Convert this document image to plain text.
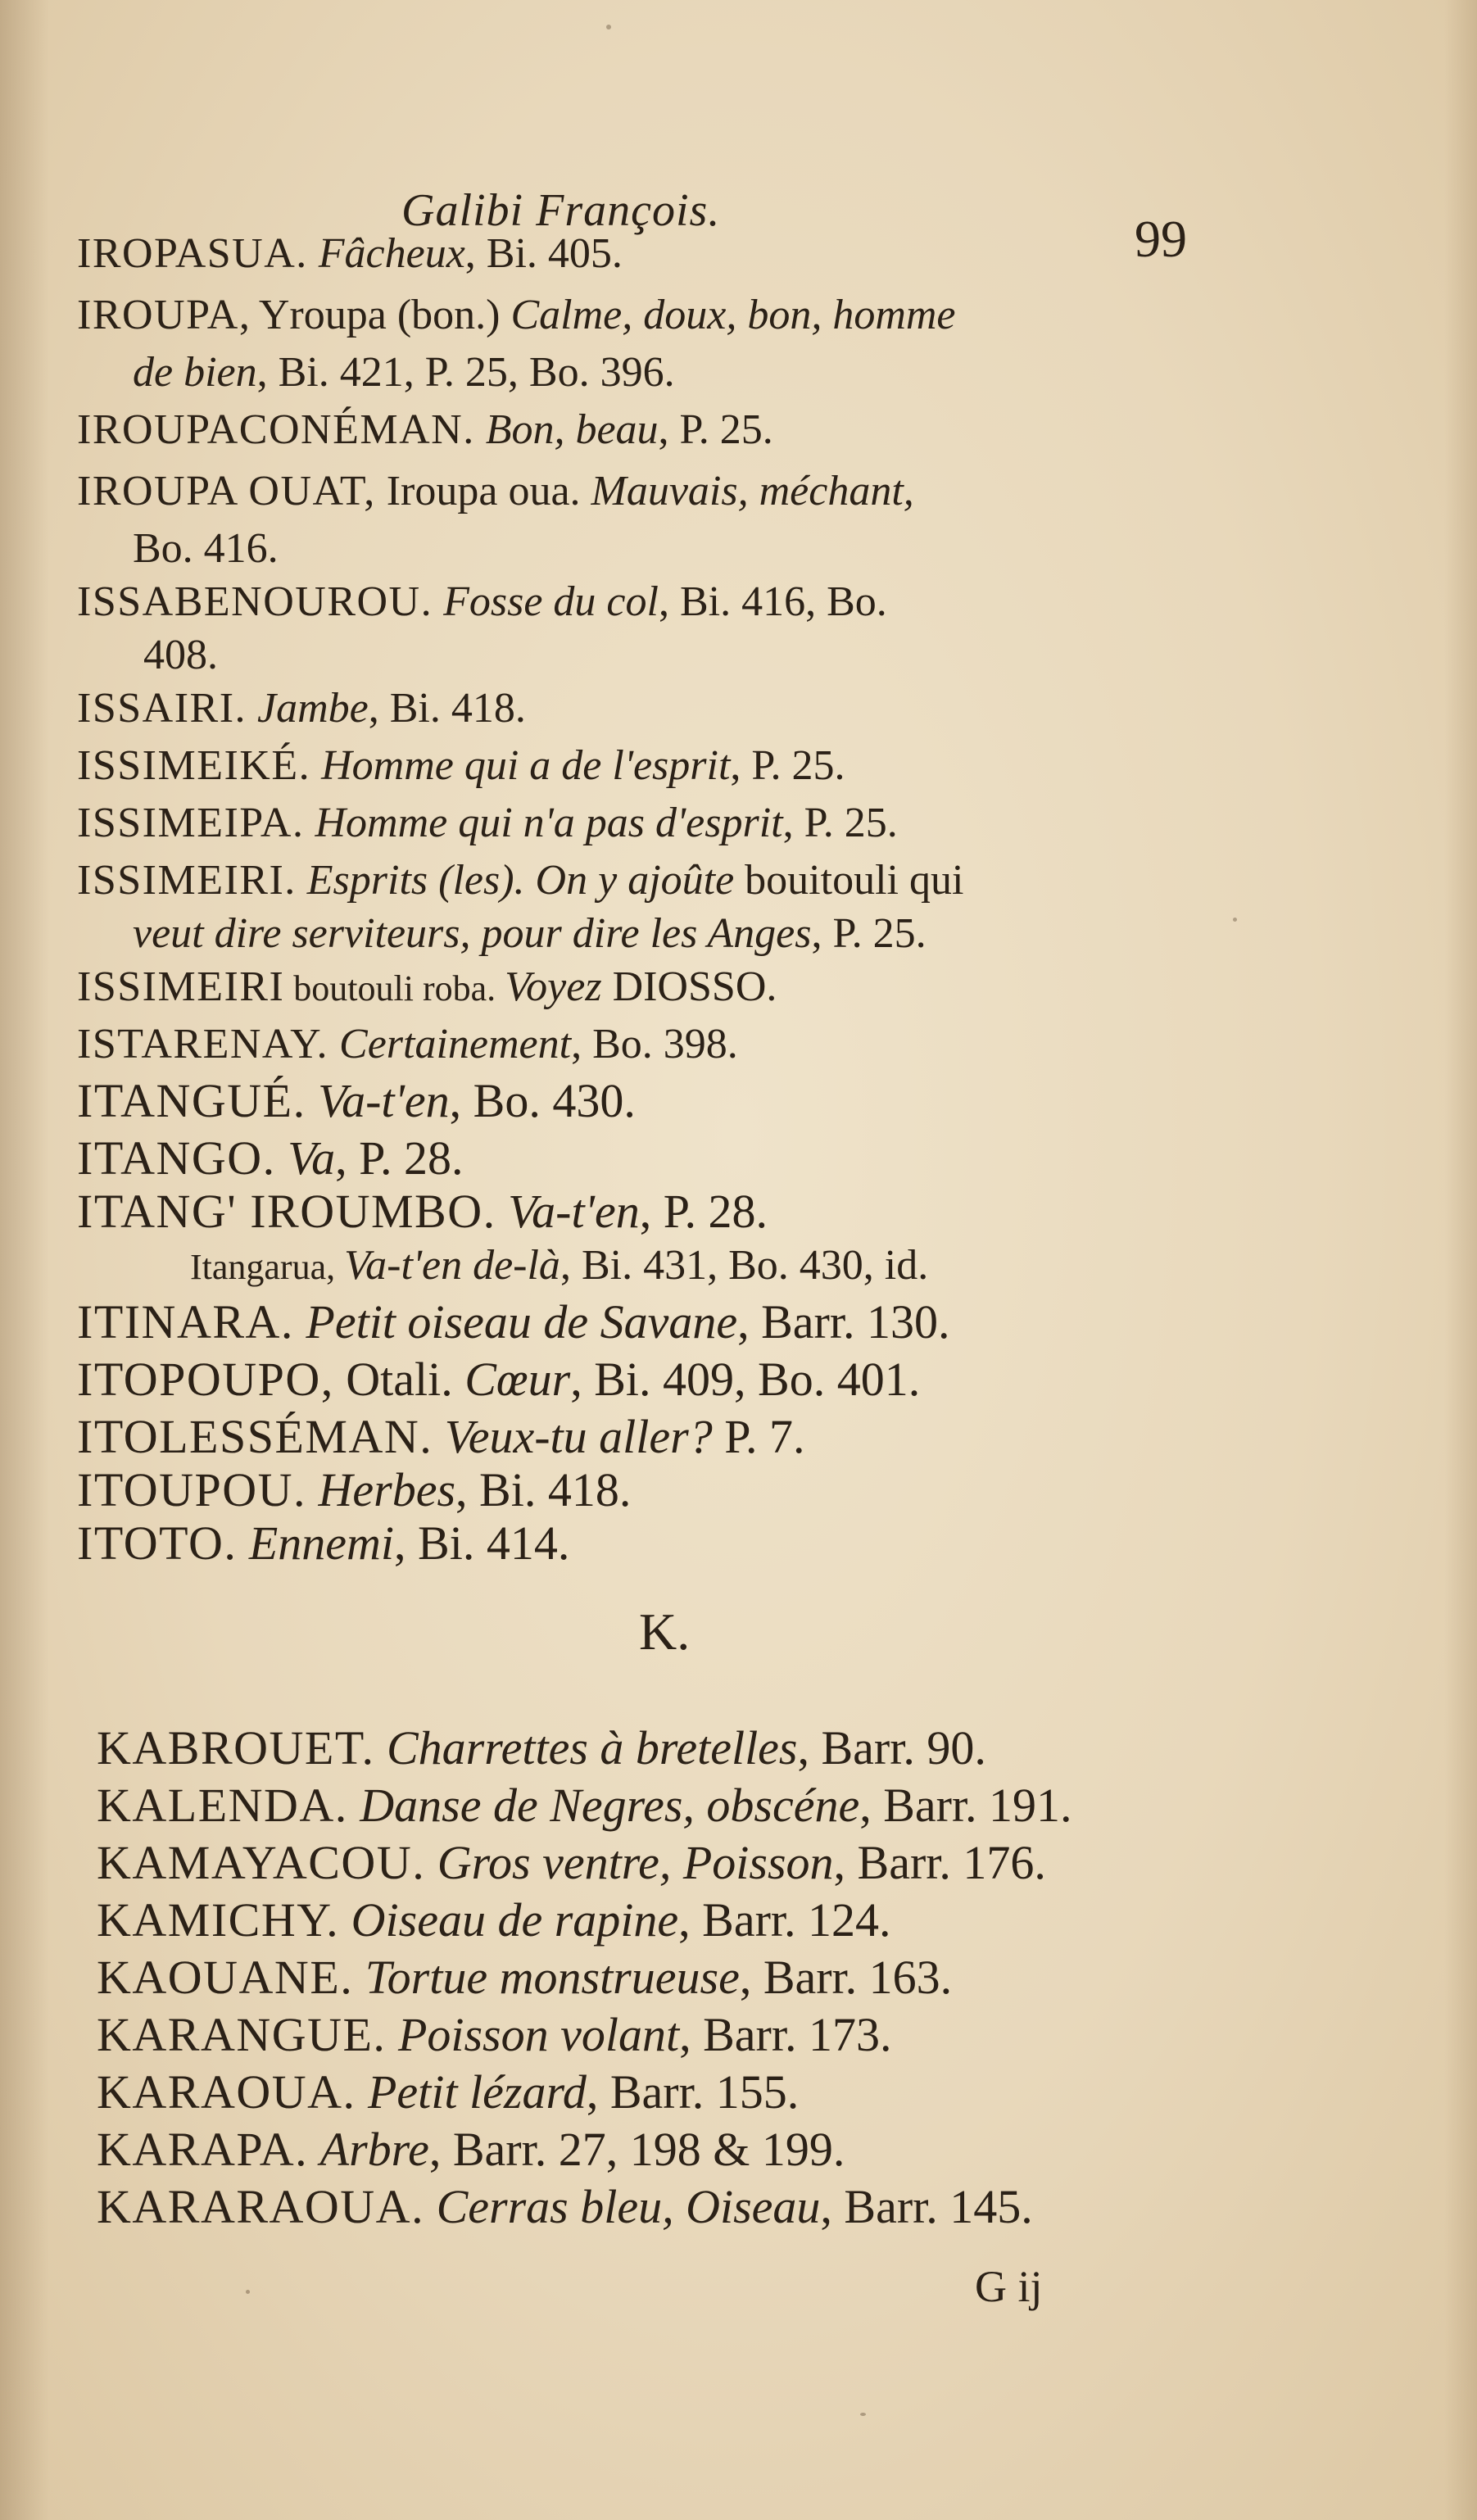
Galibi François.	99
IROPASUA. Fâcheux, Bi. 405.
IROUPA, Yroupa (bon.) Calme, doux, bon, homme
de bien, Bi. 421, P. 25, Bo. 396.
IROUPACONÉMAN. Bon, beau, P. 25.
IROUPA OUAT, Iroupa oua. Mauvais, méchant,
Bo. 416.
ISSABENOUROU. Fosse du col, Bi. 416, Bo.
408.
ISSAIRI. Jambe, Bi. 418.
ISSIMEIKÉ. Homme qui a de l'esprit, P. 25.
ISSIMEIPA. Homme qui n'a pas d'esprit, P. 25.
ISSIMEIRI. Esprits (les). On y ajoûte bouitouli qui
veut dire serviteurs, pour dire les Anges, P. 25.
ISSIMEIRI boutouli roba. Voyez DIOSSO.
ISTARENAY. Certainement, Bo. 398.
ITANGUÉ. Va-t'en, Bo. 430.
ITANGO. Va, P. 28.
ITANG' IROUMBO. Va-t'en, P. 28.
Itangarua, Va-t'en de-là, Bi. 431, Bo. 430, id.
ITINARA. Petit oiseau de Savane, Barr. 130.
ITOPOUPO, Otali. Cœur, Bi. 409, Bo. 401.
ITOLESSÉMAN. Veux-tu aller? P. 7.
ITOUPOU. Herbes, Bi. 418.
ITOTO. Ennemi, Bi. 414.
K.
KABROUET. Charrettes à bretelles, Barr. 90.
KALENDA. Danse de Negres, obscéne, Barr. 191.
KAMAYACOU. Gros ventre, Poisson, Barr. 176.
KAMICHY. Oiseau de rapine, Barr. 124.
KAOUANE. Tortue monstrueuse, Barr. 163.
KARANGUE. Poisson volant, Barr. 173.
KARAOUA. Petit lézard, Barr. 155.
KARAPA. Arbre, Barr. 27, 198 & 199.
KARARAOUA. Cerras bleu, Oiseau, Barr. 145.
G ij
